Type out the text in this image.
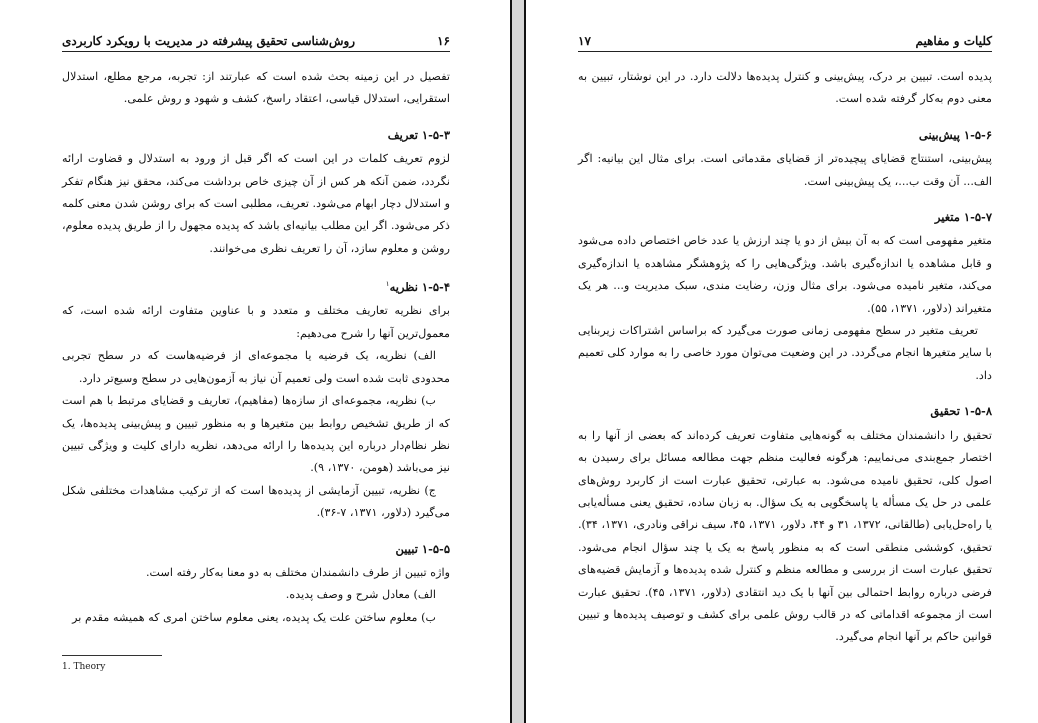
۱۶
روش‌شناسی تحقیق پیشرفته در مدیریت با رویکرد کاربردی

تفصیل در این زمینه بحث شده است که عبارتند از: تجربه، مرجع مطلع، استدلال استقرایی، استدلال قیاسی، اعتقاد راسخ، کشف و شهود و روش علمی.

۱-۵-۳ تعریف

لزوم تعریف کلمات در این است که اگر قبل از ورود به استدلال و قضاوت ارائه نگردد، ضمن آنکه هر کس از آن چیزی خاص برداشت می‌کند، محقق نیز هنگام تفکر و استدلال دچار ابهام می‌شود. تعریف، مطلبی است که برای روشن شدن معنی کلمه ذکر می‌شود. اگر این مطلب بیانیه‌ای باشد که پدیده مجهول را از طریق پدیده معلوم، روشن و معلوم سازد، آن را تعریف نظری می‌خوانند.

۱-۵-۴ نظریه$^۱$

برای نظریه تعاریف مختلف و متعدد و با عناوین متفاوت ارائه شده است، که معمول‌ترین آنها را شرح می‌دهیم:

الف) نظریه، یک فرضیه یا مجموعه‌ای از فرضیه‌هاست که در سطح تجربی محدودی ثابت شده است ولی تعمیم آن نیاز به آزمون‌هایی در سطح وسیع‌تر دارد.

ب) نظریه، مجموعه‌ای از سازه‌ها (مفاهیم)، تعاریف و قضایای مرتبط با هم است که از طریق تشخیص روابط بین متغیرها و به منظور تبیین و پیش‌بینی پدیده‌ها، یک نظر نظام‌دار درباره این پدیده‌ها را ارائه می‌دهد، نظریه دارای کلیت و ویژگی تبیین نیز می‌باشد (هومن، ۱۳۷۰، ۹).

ج) نظریه، تبیین آزمایشی از پدیده‌ها است که از ترکیب مشاهدات مختلفی شکل می‌گیرد (دلاور، ۱۳۷۱، ۷-۳۶).

۱-۵-۵ تبیین

واژه تبیین از طرف دانشمندان مختلف به دو معنا به‌کار رفته است.

الف) معادل شرح و وصف پدیده.

ب) معلوم ساختن علت یک پدیده، یعنی معلوم ساختن امری که همیشه مقدم بر

1. Theory
کلیات و مفاهیم
۱۷

پدیده است. تبیین بر درک، پیش‌بینی و کنترل پدیده‌ها دلالت دارد. در این نوشتار، تبیین به معنی دوم به‌کار گرفته شده است.

۱-۵-۶ پیش‌بینی

پیش‌بینی، استنتاج قضایای پیچیده‌تر از قضایای مقدماتی است. برای مثال این بیانیه: اگر الف... آن وقت ب...، یک پیش‌بینی است.

۱-۵-۷ متغیر

متغیر مفهومی است که به آن بیش از دو یا چند ارزش یا عدد خاص اختصاص داده می‌شود و قابل مشاهده یا اندازه‌گیری باشد. ویژگی‌هایی را که پژوهشگر مشاهده یا اندازه‌گیری می‌کند، متغیر نامیده می‌شود. برای مثال وزن، رضایت مندی، سبک مدیریت و... هر یک متغیراند (دلاور، ۱۳۷۱، ۵۵).

تعریف متغیر در سطح مفهومی زمانی صورت می‌گیرد که براساس اشتراکات زیربنایی با سایر متغیرها انجام می‌گردد. در این وضعیت می‌توان مورد خاصی را به موارد کلی تعمیم داد.

۱-۵-۸ تحقیق

تحقیق را دانشمندان مختلف به گونه‌هایی متفاوت تعریف کرده‌اند که بعضی از آنها را به اختصار جمع‌بندی می‌نماییم: هرگونه فعالیت منظم جهت مطالعه مسائل برای رسیدن به اصول کلی، تحقیق نامیده می‌شود. به عبارتی، تحقیق عبارت است از کاربرد روش‌های علمی در حل یک مسأله یا پاسخگویی به یک سؤال. به زبان ساده، تحقیق یعنی مسأله‌یابی یا راه‌حل‌یابی (طالقانی، ۱۳۷۲، ۳۱ و ۴۴، دلاور، ۱۳۷۱، ۴۵، سیف نراقی ونادری، ۱۳۷۱، ۳۴). تحقیق، کوششی منطقی است که به منظور پاسخ به یک یا چند سؤال انجام می‌شود. تحقیق عبارت است از بررسی و مطالعه منظم و کنترل شده پدیده‌ها و آزمایش قضیه‌های فرضی درباره روابط احتمالی بین آنها با یک دید انتقادی (دلاور، ۱۳۷۱، ۴۵). تحقیق عبارت است از مجموعه اقداماتی که در قالب روش علمی برای کشف و توصیف پدیده‌ها و تبیین قوانین حاکم بر آنها انجام می‌گیرد.
